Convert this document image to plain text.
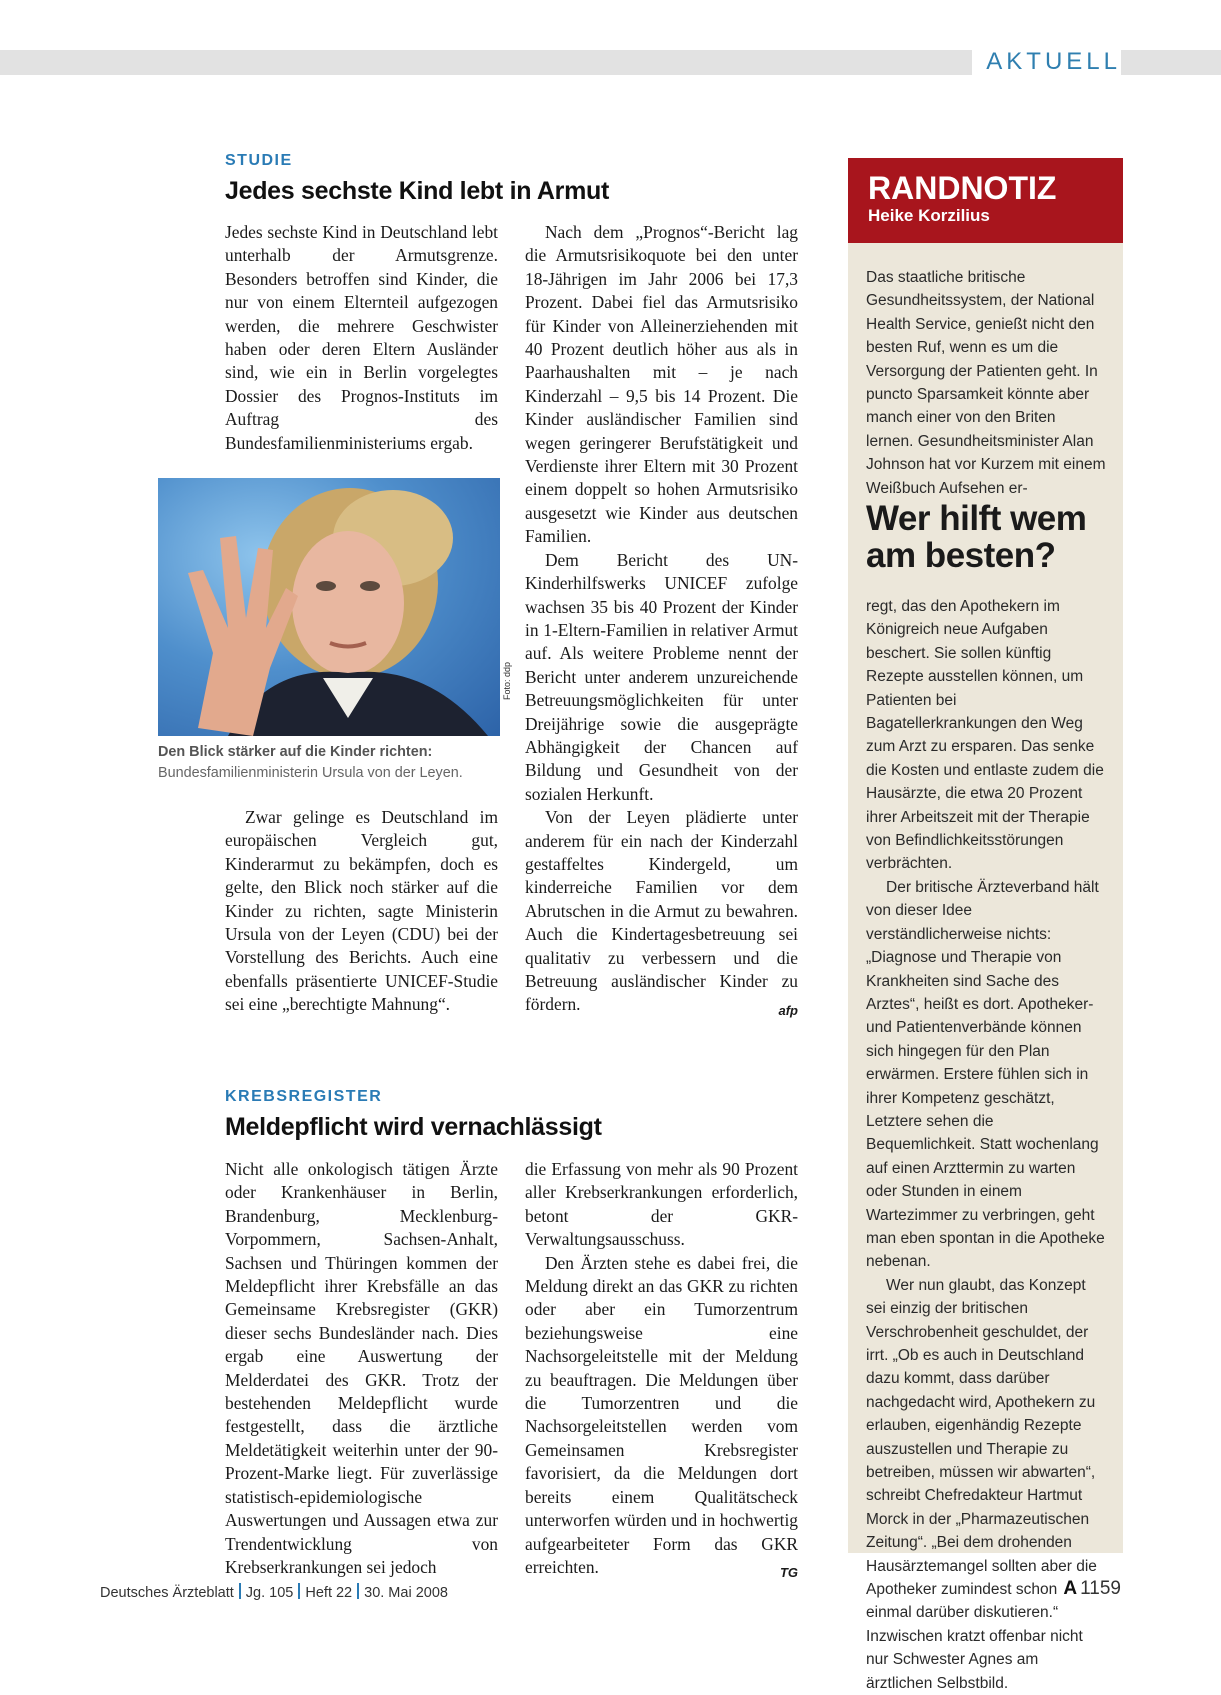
AKTUELL
STUDIE
Jedes sechste Kind lebt in Armut

Jedes sechste Kind in Deutschland lebt unterhalb der Armutsgrenze. Besonders betroffen sind Kinder, die nur von einem Elternteil aufgezogen werden, die mehrere Geschwister haben oder deren Eltern Ausländer sind, wie ein in Berlin vorgelegtes Dossier des Prognos-Instituts im Auftrag des Bundesfamilienministeriums ergab.

Foto: ddp
Den Blick stärker auf die Kinder richten: Bundesfamilienministerin Ursula von der Leyen.

Zwar gelinge es Deutschland im europäischen Vergleich gut, Kinderarmut zu bekämpfen, doch es gelte, den Blick noch stärker auf die Kinder zu richten, sagte Ministerin Ursula von der Leyen (CDU) bei der Vorstellung des Berichts. Auch eine ebenfalls präsentierte UNICEF-Studie sei eine „berechtigte Mahnung“.

Nach dem „Prognos“-Bericht lag die Armutsrisikoquote bei den unter 18-Jährigen im Jahr 2006 bei 17,3 Prozent. Dabei fiel das Armutsrisiko für Kinder von Alleinerziehenden mit 40 Prozent deutlich höher aus als in Paarhaushalten mit – je nach Kinderzahl – 9,5 bis 14 Prozent. Die Kinder ausländischer Familien sind wegen geringerer Berufstätigkeit und Verdienste ihrer Eltern mit 30 Prozent einem doppelt so hohen Armutsrisiko ausgesetzt wie Kinder aus deutschen Familien.

Dem Bericht des UN-Kinderhilfswerks UNICEF zufolge wachsen 35 bis 40 Prozent der Kinder in 1-Eltern-Familien in relativer Armut auf. Als weitere Probleme nennt der Bericht unter anderem unzureichende Betreuungsmöglichkeiten für unter Dreijährige sowie die ausgeprägte Abhängigkeit der Chancen auf Bildung und Gesundheit von der sozialen Herkunft.

Von der Leyen plädierte unter anderem für ein nach der Kinderzahl gestaffeltes Kindergeld, um kinderreiche Familien vor dem Abrutschen in die Armut zu bewahren. Auch die Kindertagesbetreuung sei qualitativ zu verbessern und die Betreuung ausländischer Kinder zu fördern.	afp
KREBSREGISTER
Meldepflicht wird vernachlässigt

Nicht alle onkologisch tätigen Ärzte oder Krankenhäuser in Berlin, Brandenburg, Mecklenburg-Vorpommern, Sachsen-Anhalt, Sachsen und Thüringen kommen der Meldepflicht ihrer Krebsfälle an das Gemeinsame Krebsregister (GKR) dieser sechs Bundesländer nach. Dies ergab eine Auswertung der Melderdatei des GKR. Trotz der bestehenden Meldepflicht wurde festgestellt, dass die ärztliche Meldetätigkeit weiterhin unter der 90-Prozent-Marke liegt. Für zuverlässige statistisch-epidemiologische Auswertungen und Aussagen etwa zur Trendentwicklung von Krebserkrankungen sei jedoch

die Erfassung von mehr als 90 Prozent aller Krebserkrankungen erforderlich, betont der GKR-Verwaltungsausschuss.

Den Ärzten stehe es dabei frei, die Meldung direkt an das GKR zu richten oder aber ein Tumorzentrum beziehungsweise eine Nachsorgeleitstelle mit der Meldung zu beauftragen. Die Meldungen über die Tumorzentren und die Nachsorgeleitstellen werden vom Gemeinsamen Krebsregister favorisiert, da die Meldungen dort bereits einem Qualitätscheck unterworfen würden und in hochwertig aufgearbeiteter Form das GKR erreichten.	TG
RANDNOTIZ
Heike Korzilius

Das staatliche britische Gesundheitssystem, der National Health Service, genießt nicht den besten Ruf, wenn es um die Versorgung der Patienten geht. In puncto Sparsamkeit könnte aber manch einer von den Briten lernen. Gesundheitsminister Alan Johnson hat vor Kurzem mit einem Weißbuch Aufsehen er-

Wer hilft wem am besten?

regt, das den Apothekern im Königreich neue Aufgaben beschert. Sie sollen künftig Rezepte ausstellen können, um Patienten bei Bagatellerkrankungen den Weg zum Arzt zu ersparen. Das senke die Kosten und entlaste zudem die Hausärzte, die etwa 20 Prozent ihrer Arbeitszeit mit der Therapie von Befindlichkeitsstörungen verbrächten.

Der britische Ärzteverband hält von dieser Idee verständlicherweise nichts: „Diagnose und Therapie von Krankheiten sind Sache des Arztes“, heißt es dort. Apotheker- und Patientenverbände können sich hingegen für den Plan erwärmen. Erstere fühlen sich in ihrer Kompetenz geschätzt, Letztere sehen die Bequemlichkeit. Statt wochenlang auf einen Arzttermin zu warten oder Stunden in einem Wartezimmer zu verbringen, geht man eben spontan in die Apotheke nebenan.

Wer nun glaubt, das Konzept sei einzig der britischen Verschrobenheit geschuldet, der irrt. „Ob es auch in Deutschland dazu kommt, dass darüber nachgedacht wird, Apothekern zu erlauben, eigenhändig Rezepte auszustellen und Therapie zu betreiben, müssen wir abwarten“, schreibt Chefredakteur Hartmut Morck in der „Pharmazeutischen Zeitung“. „Bei dem drohenden Hausärztemangel sollten aber die Apotheker zumindest schon einmal darüber diskutieren.“ Inzwischen kratzt offenbar nicht nur Schwester Agnes am ärztlichen Selbstbild.

Deutsches Ärzteblatt Jg. 105 Heft 22 30. Mai 2008	A 1159
